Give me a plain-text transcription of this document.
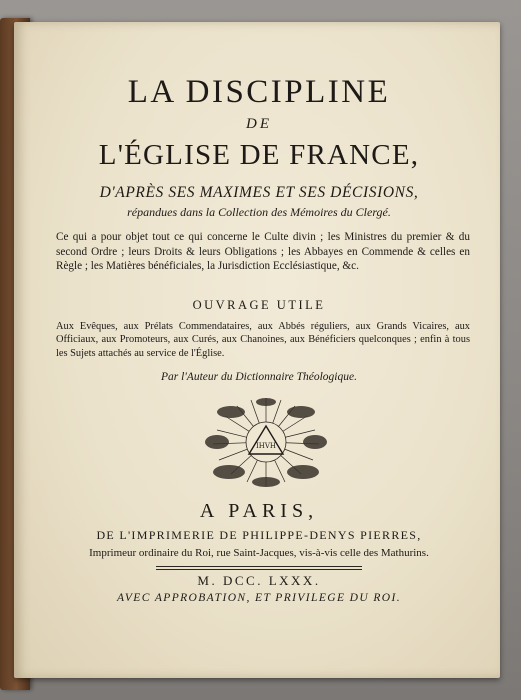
LA DISCIPLINE
DE
L'ÉGLISE DE FRANCE,
D'APRÈS SES MAXIMES ET SES DÉCISIONS,
répandues dans la Collection des Mémoires du Clergé.
Ce qui a pour objet tout ce qui concerne le Culte divin ; les Ministres du premier & du second Ordre ; leurs Droits & leurs Obligations ; les Abbayes en Commende & celles en Règle ; les Matières bénéficiales, la Jurisdiction Ecclésiastique, &c.
OUVRAGE UTILE
Aux Evêques, aux Prélats Commendataires, aux Abbés réguliers, aux Grands Vicaires, aux Officiaux, aux Promoteurs, aux Curés, aux Chanoines, aux Bénéficiers quelconques ; enfin à tous les Sujets attachés au service de l'Église.
Par l'Auteur du Dictionnaire Théologique.
IHVH
A PARIS,
DE L'IMPRIMERIE DE PHILIPPE-DENYS PIERRES,
Imprimeur ordinaire du Roi, rue Saint-Jacques, vis-à-vis celle des Mathurins.
M. DCC. LXXX.
AVEC APPROBATION, ET PRIVILEGE DU ROI.
